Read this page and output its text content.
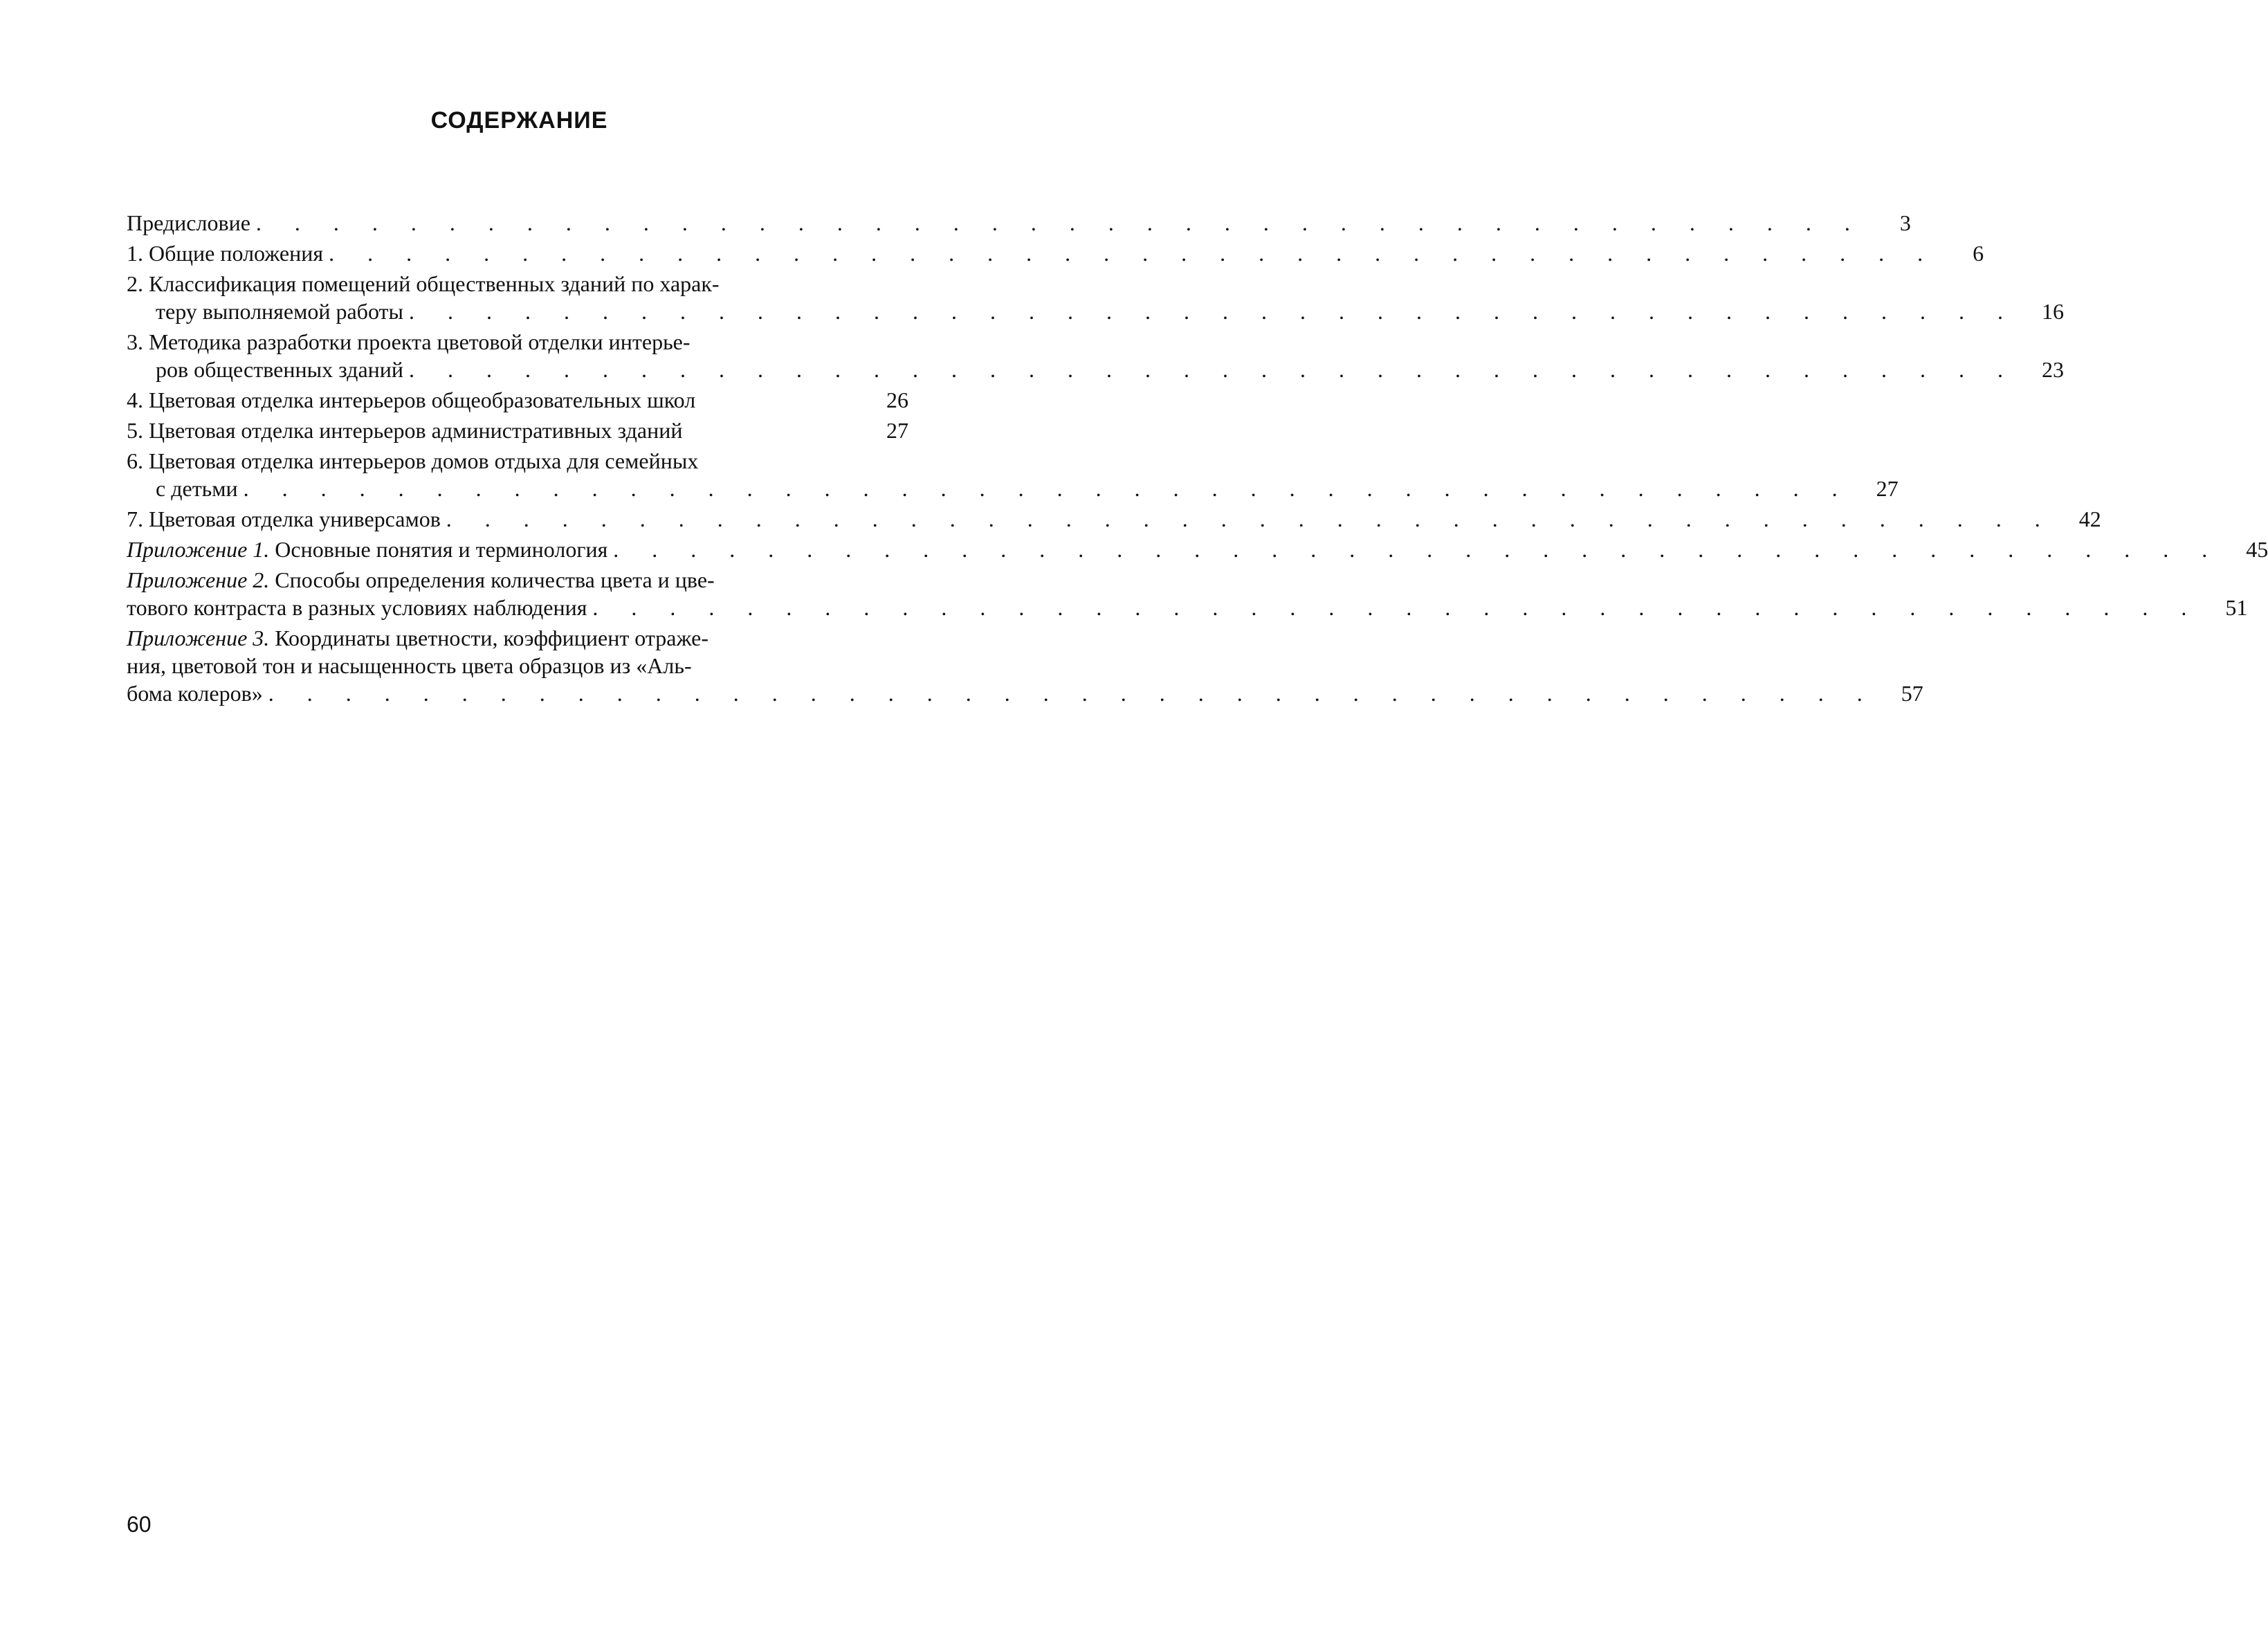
СОДЕРЖАНИЕ
Предисловие . . . . . . . . . . . . . . . . . . . . . . . . . . . . . . . . . . . . . . . . . .	3
1. Общие положения . . . . . . . . . . . . . . . . . . . . . . . . . . . . . . . . . . . . . . . . . .	6
2. Классификация помещений общественных зданий по харак-
теру выполняемой работы . . . . . . . . . . . . . . . . . . . . . . . . . . . . . . . . . . . . . . . . . .	16
3. Методика разработки проекта цветовой отделки интерье-
ров общественных зданий . . . . . . . . . . . . . . . . . . . . . . . . . . . . . . . . . . . . . . . . . .	23
4. Цветовая отделка интерьеров общеобразовательных школ	26
5. Цветовая отделка интерьеров административных зданий	27
6. Цветовая отделка интерьеров домов отдыха для семейных
с детьми . . . . . . . . . . . . . . . . . . . . . . . . . . . . . . . . . . . . . . . . . .	27
7. Цветовая отделка универсамов . . . . . . . . . . . . . . . . . . . . . . . . . . . . . . . . . . . . . . . . . .	42
Приложение 1. Основные понятия и терминология . . . . . . . . . . . . . . . . . . . . . . . . . . . . . . . . . . . . . . . . . .	45
Приложение 2. Способы определения количества цвета и цве-
тового контраста в разных условиях наблюдения . . . . . . . . . . . . . . . . . . . . . . . . . . . . . . . . . . . . . . . . . .	51
Приложение 3. Координаты цветности, коэффициент отраже-
ния, цветовой тон и насыщенность цвета образцов из «Аль-
бома колеров» . . . . . . . . . . . . . . . . . . . . . . . . . . . . . . . . . . . . . . . . . .	57
60
